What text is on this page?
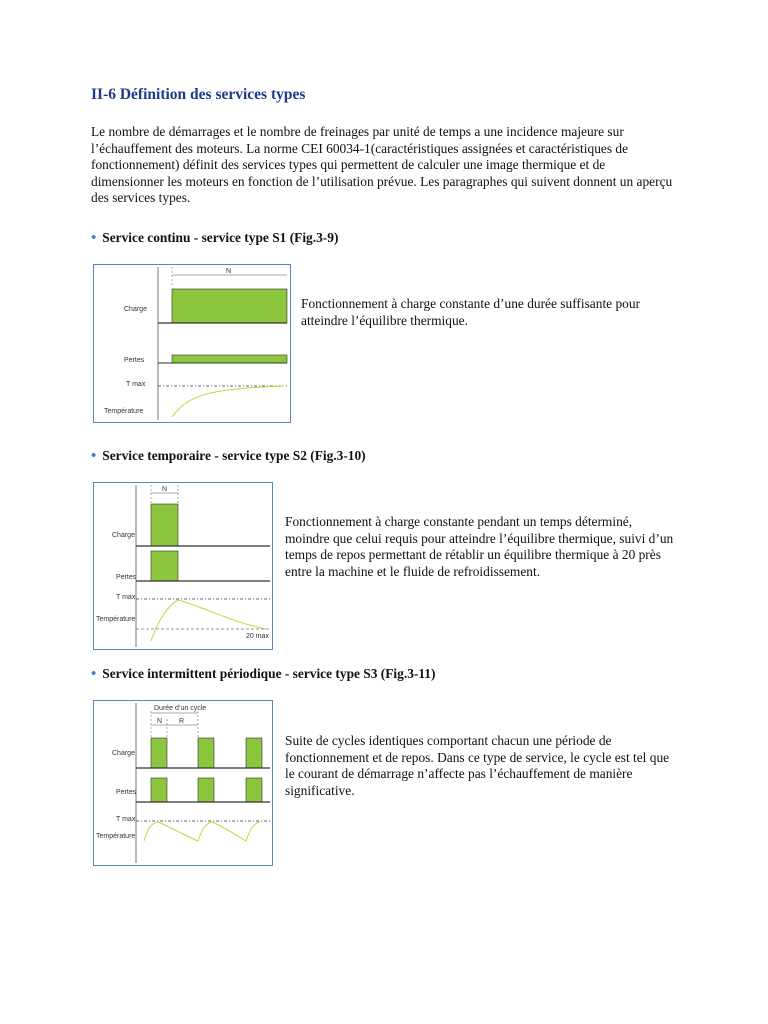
II-6 Définition des services types

Le nombre de démarrages et le nombre de freinages par unité de temps a une incidence majeure sur l’échauffement des moteurs. La norme CEI 60034-1(caractéristiques assignées et caractéristiques de fonctionnement) définit des services types qui permettent de calculer une image thermique et de dimensionner les moteurs en fonction de l’utilisation prévue. Les paragraphes qui suivent donnent un aperçu des services types.

• Service continu - service type S1 (Fig.3-9)
N
Charge
Pertes
T max
Température

Fonctionnement à charge constante d’une durée suffisante pour atteindre l’équilibre thermique.

• Service temporaire - service type S2 (Fig.3-10)
N
Charge
Pertes
T max
Température
20 max

Fonctionnement à charge constante pendant un temps déterminé, moindre que celui requis pour atteindre l’équilibre thermique, suivi d’un temps de repos permettant de rétablir un équilibre thermique à 20 près entre la machine et le fluide de refroidissement.

• Service intermittent périodique - service type S3 (Fig.3-11)
Durée d’un cycle
N R
Charge
Pertes
T max
Température

Suite de cycles identiques comportant chacun une période de fonctionnement et de repos. Dans ce type de service, le cycle est tel que le courant de démarrage n’affecte pas l’échauffement de manière significative.
